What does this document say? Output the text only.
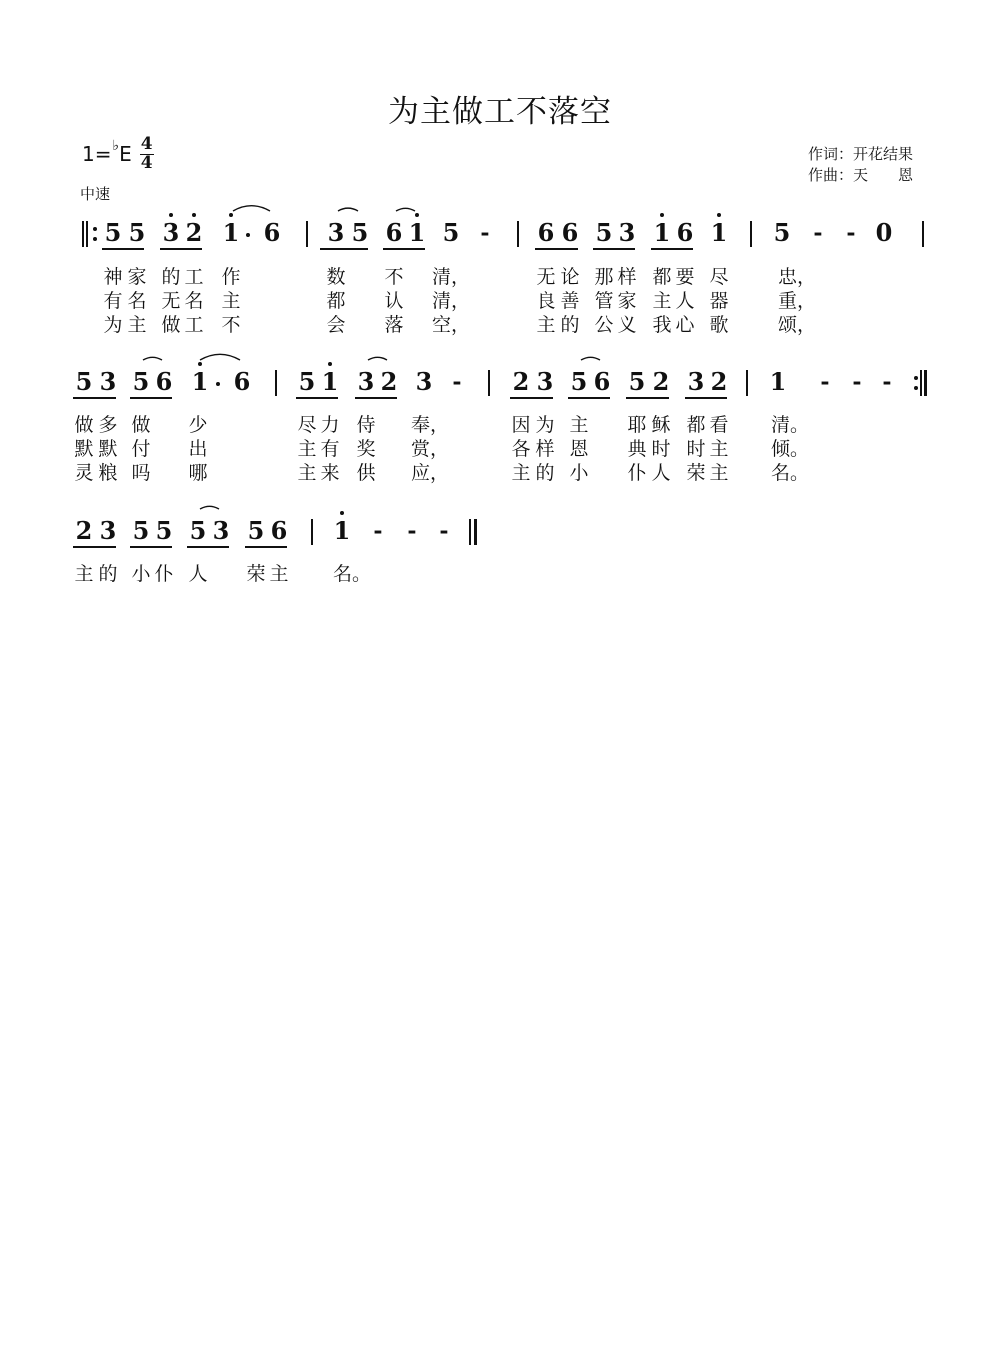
为主做工不落空
1= ♭ E $\frac{4}{4}$
中速
作词：开花结果
作曲：天　　恩
5 5 3 2 1 6 3 5 6 1 5 - 6 6 5 3 1 6 1 5 - - 0
5 3 5 6 1 6 5 1 3 2 3 - 2 3 5 6 5 2 3 2 1 - - -
2 3 5 5 5 3 5 6 1 - - -
神 家 的 工 作	数 不 清，	无 论 那 样 都 要 尽	忠，
有 名 无 名 主	都 认 清，	良 善 管 家 主 人 器	重，
为 主 做 工 不	会 落 空，	主 的 公 义 我 心 歌	颂，
做 多 做 少	尽 力 侍 奉，	因 为 主 耶 稣 都 看 清。
默 默 付 出	主 有 奖 赏，	各 样 恩 典 时 时 主 倾。
灵 粮 吗 哪	主 来 供 应，	主 的 小 仆 人 荣 主 名。
主 的 小 仆 人 荣 主 名。
